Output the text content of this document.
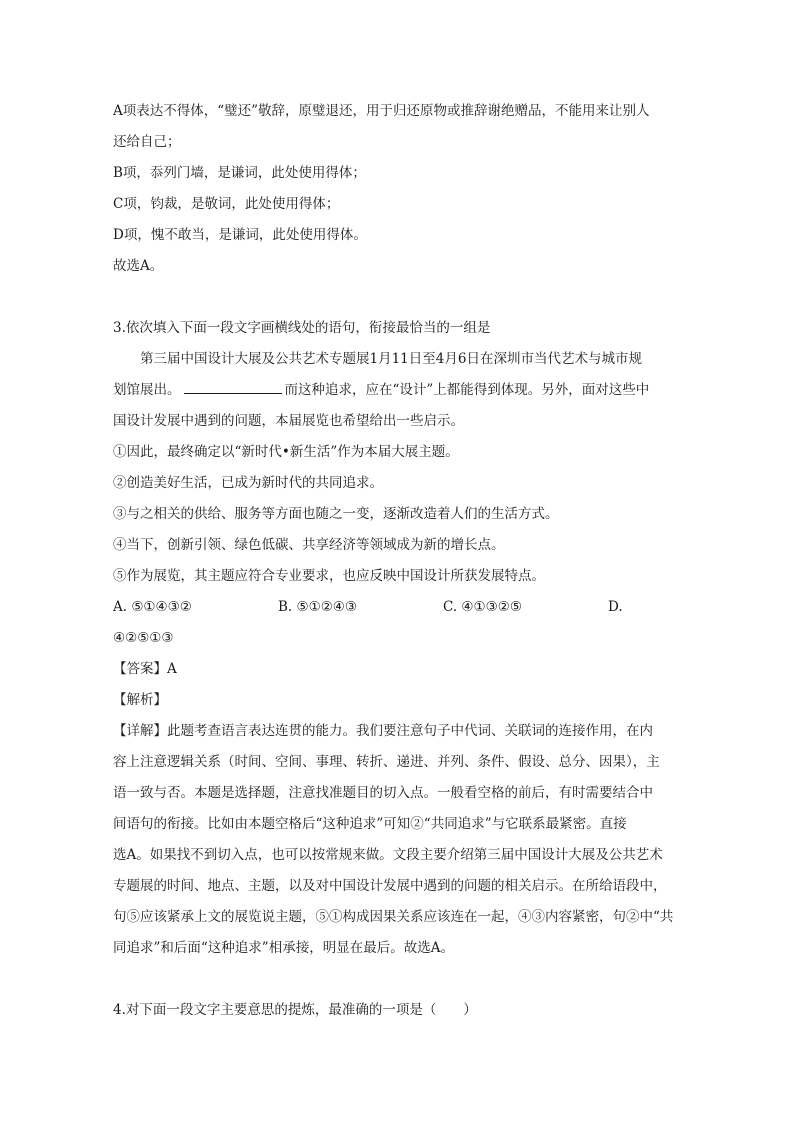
A项表达不得体，“璧还”敬辞，原璧退还，用于归还原物或推辞谢绝赠品，不能用来让别人
还给自己；
B项，忝列门墙，是谦词，此处使用得体；
C项，钧裁，是敬词，此处使用得体；
D项，愧不敢当，是谦词，此处使用得体。
故选A。
3.依次填入下面一段文字画横线处的语句，衔接最恰当的一组是
第三届中国设计大展及公共艺术专题展1月11日至4月6日在深圳市当代艺术与城市规
划馆展出。	而这种追求，应在“设计”上都能得到体现。另外，面对这些中
国设计发展中遇到的问题，本届展览也希望给出一些启示。
①因此，最终确定以“新时代•新生活”作为本届大展主题。
②创造美好生活，已成为新时代的共同追求。
③与之相关的供给、服务等方面也随之一变，逐渐改造着人们的生活方式。
④当下，创新引领、绿色低碳、共享经济等领域成为新的增长点。
⑤作为展览，其主题应符合专业要求，也应反映中国设计所获发展特点。
A. ⑤①④③②	B. ⑤①②④③	C. ④①③②⑤	D.
④②⑤①③
【答案】A
【解析】
【详解】此题考查语言表达连贯的能力。我们要注意句子中代词、关联词的连接作用，在内
容上注意逻辑关系（时间、空间、事理、转折、递进、并列、条件、假设、总分、因果），主
语一致与否。本题是选择题，注意找准题目的切入点。一般看空格的前后，有时需要结合中
间语句的衔接。比如由本题空格后“这种追求”可知②“共同追求”与它联系最紧密。直接
选A。如果找不到切入点，也可以按常规来做。文段主要介绍第三届中国设计大展及公共艺术
专题展的时间、地点、主题，以及对中国设计发展中遇到的问题的相关启示。在所给语段中，
句⑤应该紧承上文的展览说主题，⑤①构成因果关系应该连在一起，④③内容紧密，句②中“共
同追求”和后面“这种追求”相承接，明显在最后。故选A。
4.对下面一段文字主要意思的提炼，最准确的一项是（　　）
